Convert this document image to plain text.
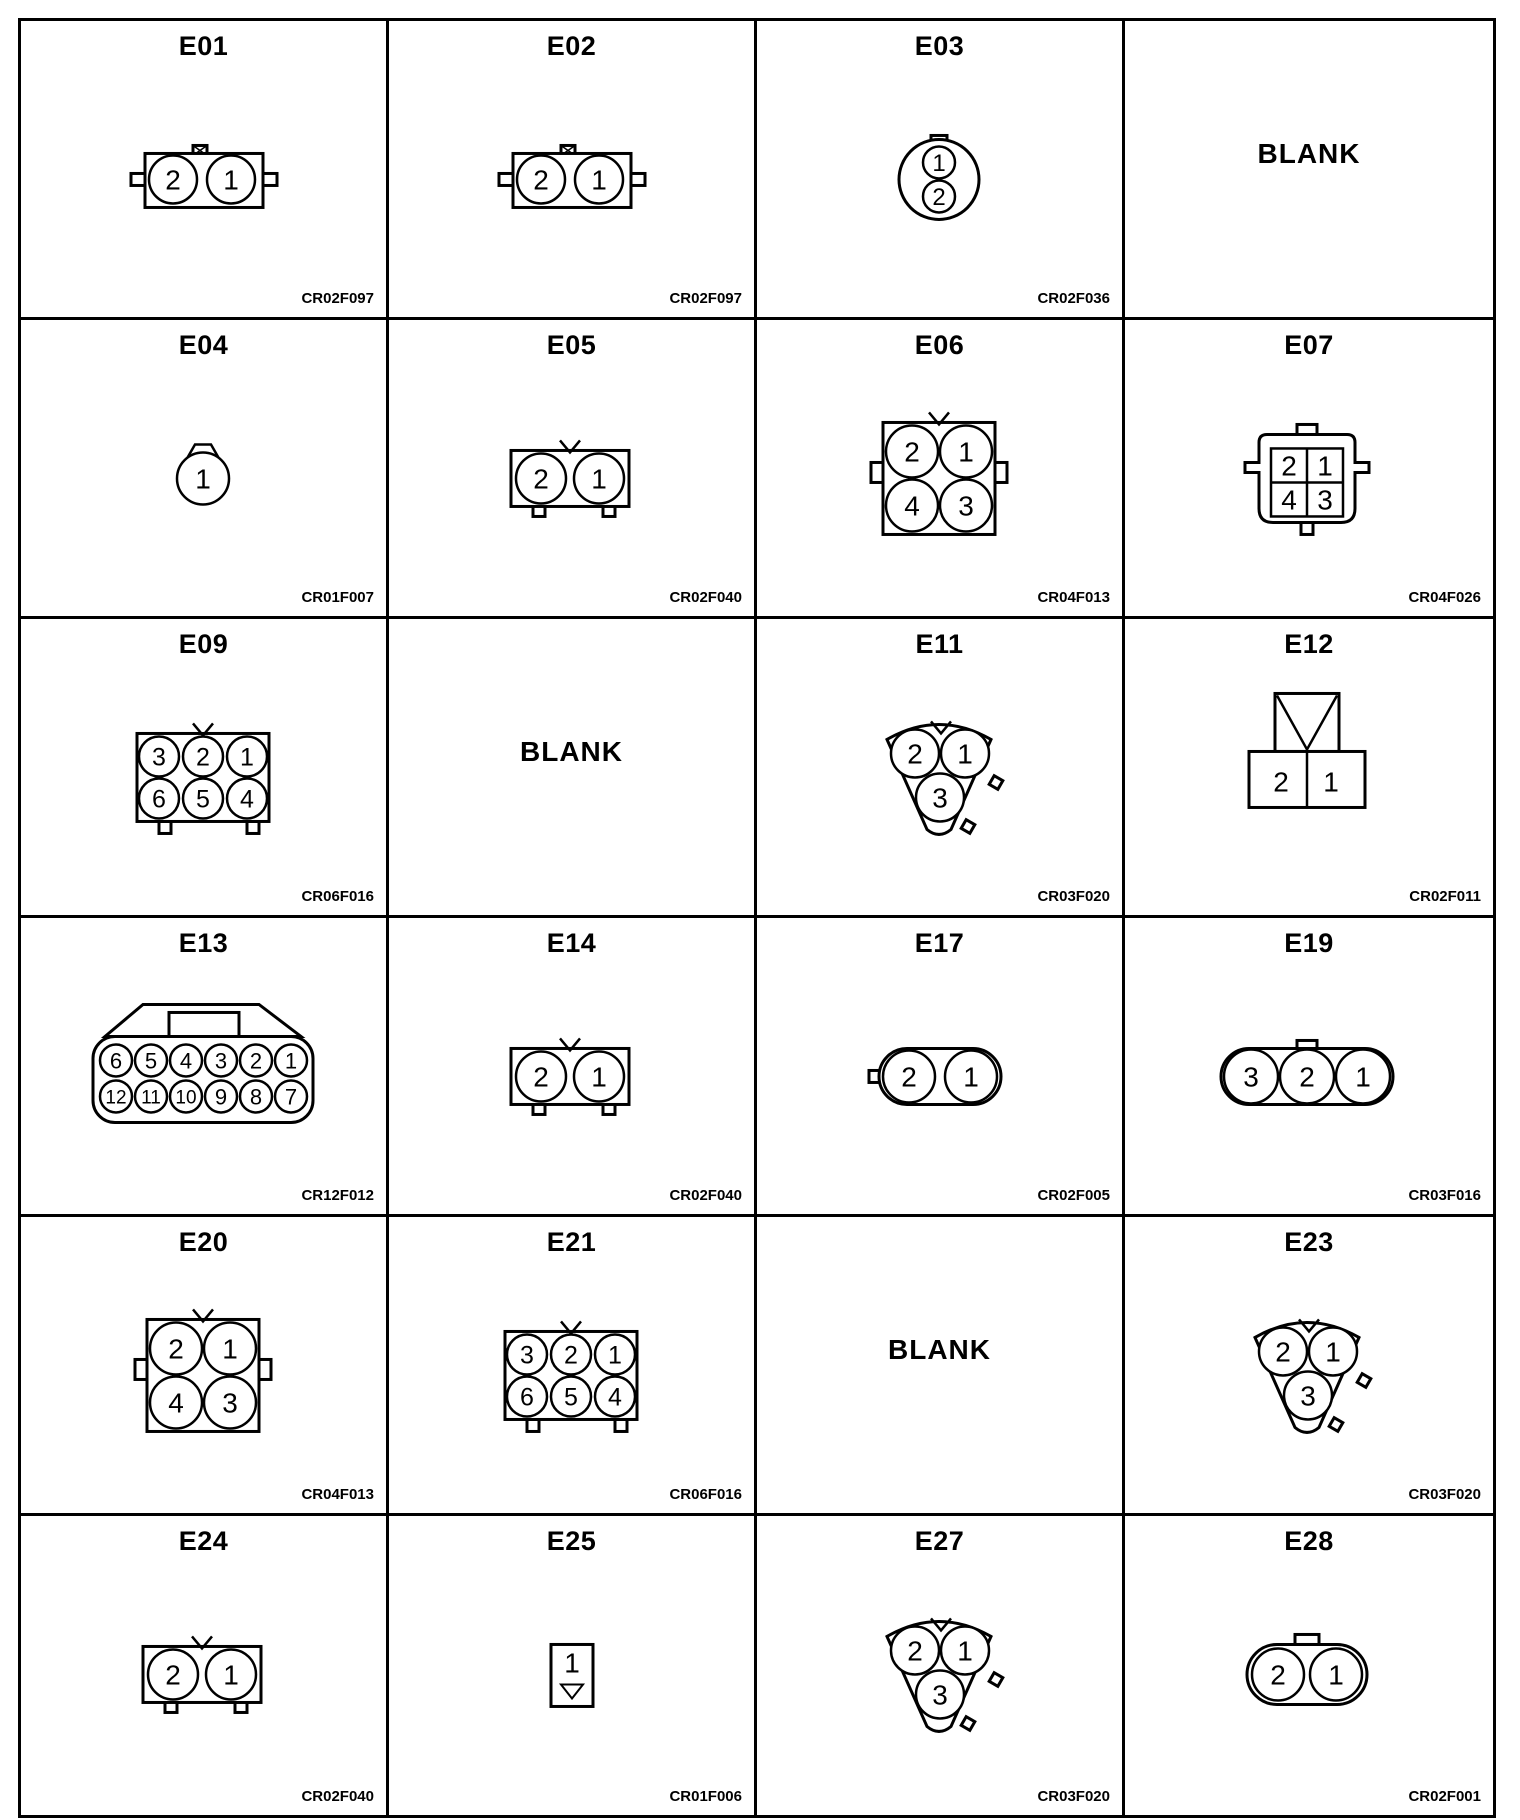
E01
CR02F097
2 1
E02
CR02F097
2 1
E03
CR02F036
1
2
BLANK
E04
CR01F007
1
E05
CR02F040
2 1
E06
CR04F013
2 1
4 3
E07
CR04F026
2 1
4 3
E09
CR06F016
3 2 1
6 5 4
BLANK
E11
CR03F020
2 1
3
E12
CR02F011
2 1
E13
CR12F012
6 5 4 3 2 1
12 11 10 9 8 7
E14
CR02F040
2 1
E17
CR02F005
2 1
E19
CR03F016
3 2 1
E20
CR04F013
2 1
4 3
E21
CR06F016
3 2 1
6 5 4
BLANK
E23
CR03F020
2 1
3
E24
CR02F040
2 1
E25
CR01F006
1
E27
CR03F020
2 1
3
E28
CR02F001
2 1
